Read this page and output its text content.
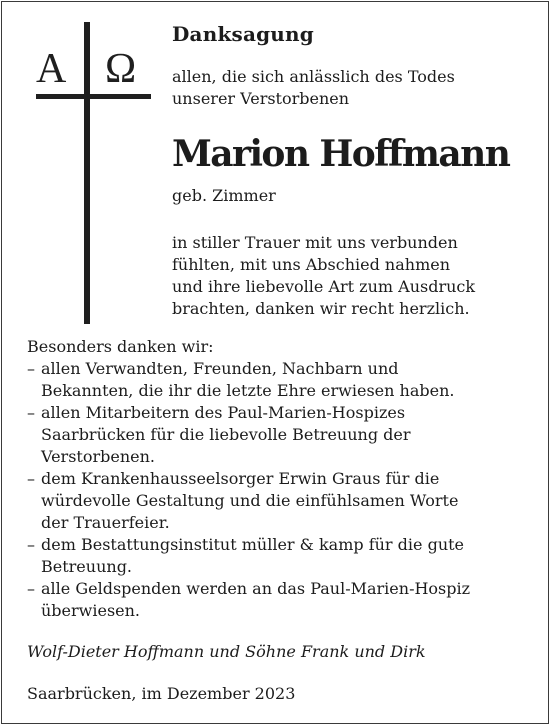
Α Ω
Danksagung
allen, die sich anlässlich des Todes
unserer Verstorbenen
Marion Hoffmann
geb. Zimmer
in stiller Trauer mit uns verbunden
fühlten, mit uns Abschied nahmen
und ihre liebevolle Art zum Ausdruck
brachten, danken wir recht herzlich.
Besonders danken wir:
– allen Verwandten, Freunden, Nachbarn und
Bekannten, die ihr die letzte Ehre erwiesen haben.
– allen Mitarbeitern des Paul-Marien-Hospizes
Saarbrücken für die liebevolle Betreuung der
Verstorbenen.
– dem Krankenhausseelsorger Erwin Graus für die
würdevolle Gestaltung und die einfühlsamen Worte
der Trauerfeier.
– dem Bestattungsinstitut müller & kamp für die gute
Betreuung.
– alle Geldspenden werden an das Paul-Marien-Hospiz
überwiesen.
Wolf-Dieter Hoffmann und Söhne Frank und Dirk
Saarbrücken, im Dezember 2023
